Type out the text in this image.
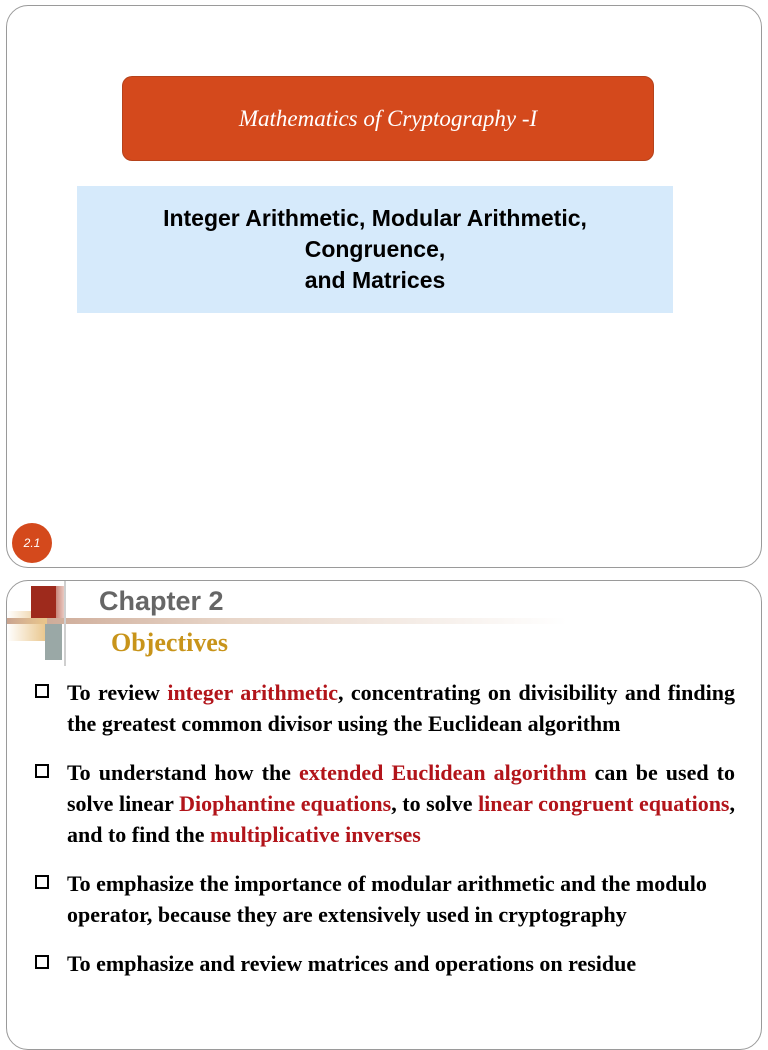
Mathematics of Cryptography -I
Integer Arithmetic, Modular Arithmetic,
Congruence,
and Matrices
2.1
Chapter 2
Objectives
To review integer arithmetic, concentrating on divisibility and finding the greatest common divisor using the Euclidean algorithm
To understand how the extended Euclidean algorithm can be used to solve linear Diophantine equations, to solve linear congruent equations, and to find the multiplicative inverses
To emphasize the importance of modular arithmetic and the modulo operator, because they are extensively used in cryptography
To emphasize and review matrices and operations on residue
